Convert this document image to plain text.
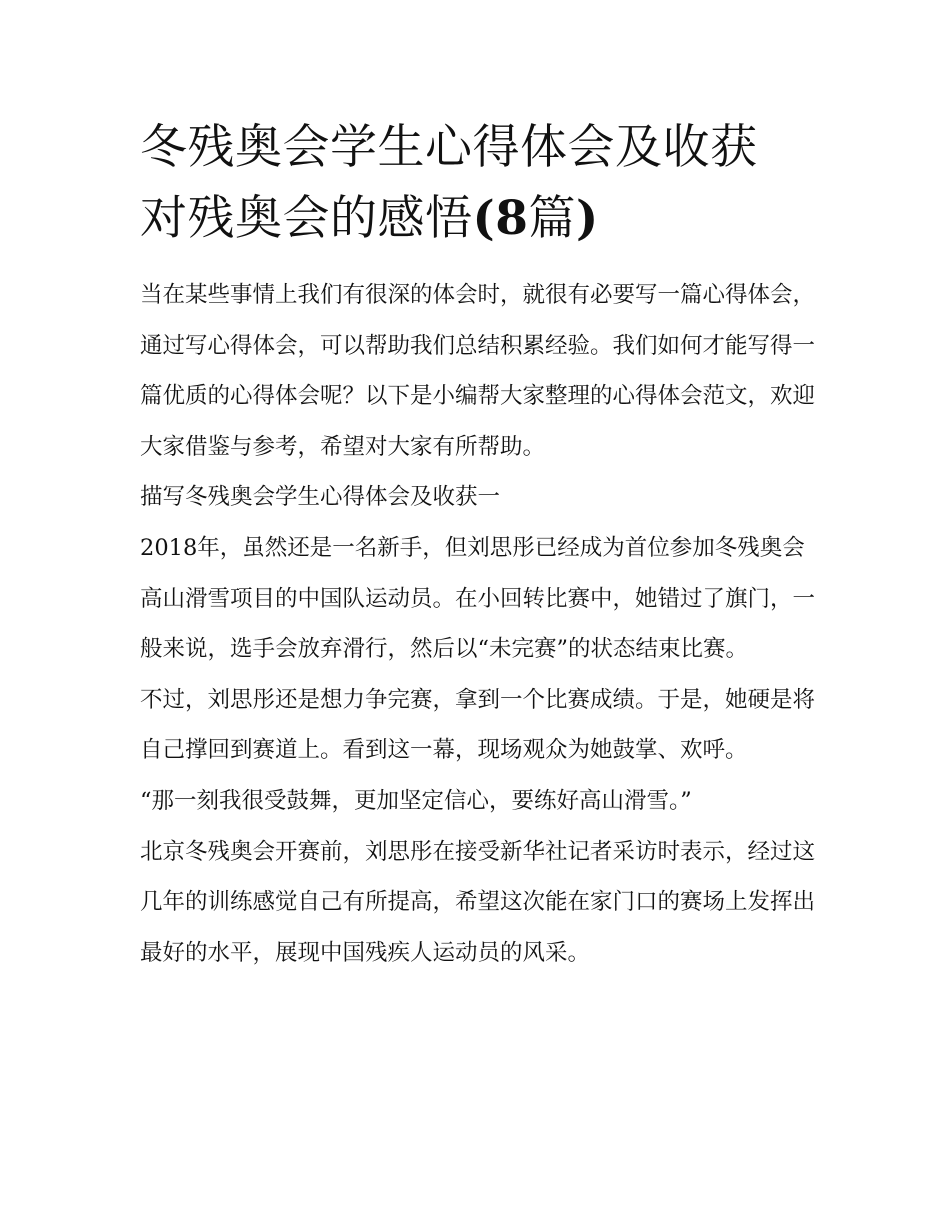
冬残奥会学生心得体会及收获
对残奥会的感悟(8篇)

当在某些事情上我们有很深的体会时，就很有必要写一篇心得体会，通过写心得体会，可以帮助我们总结积累经验。我们如何才能写得一篇优质的心得体会呢？以下是小编帮大家整理的心得体会范文，欢迎大家借鉴与参考，希望对大家有所帮助。

描写冬残奥会学生心得体会及收获一

2018年，虽然还是一名新手，但刘思彤已经成为首位参加冬残奥会高山滑雪项目的中国队运动员。在小回转比赛中，她错过了旗门，一般来说，选手会放弃滑行，然后以“未完赛”的状态结束比赛。

不过，刘思彤还是想力争完赛，拿到一个比赛成绩。于是，她硬是将自己撑回到赛道上。看到这一幕，现场观众为她鼓掌、欢呼。

“那一刻我很受鼓舞，更加坚定信心，要练好高山滑雪。”

北京冬残奥会开赛前，刘思彤在接受新华社记者采访时表示，经过这几年的训练感觉自己有所提高，希望这次能在家门口的赛场上发挥出最好的水平，展现中国残疾人运动员的风采。
